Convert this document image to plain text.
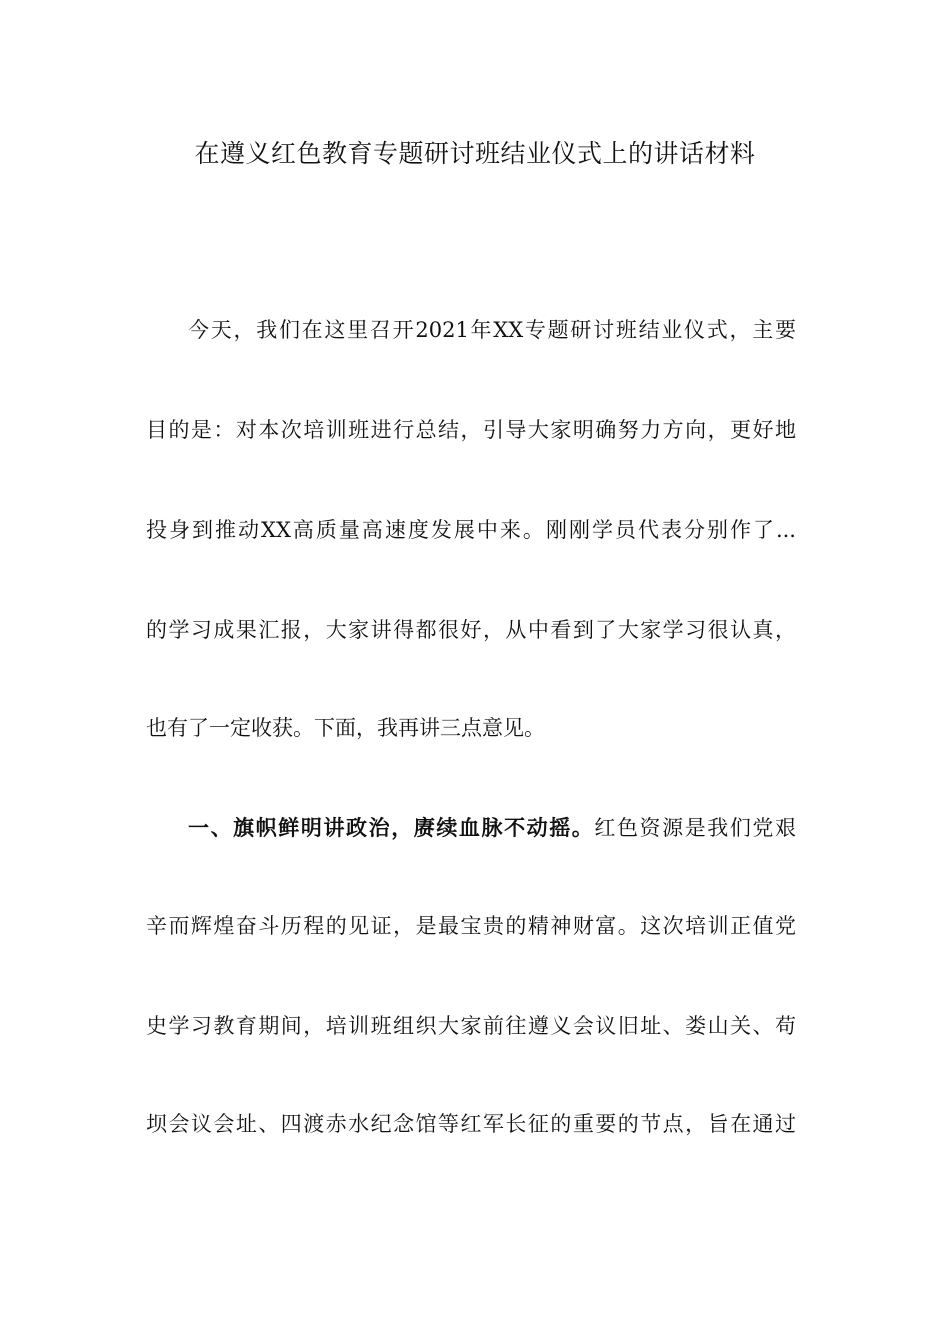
在遵义红色教育专题研讨班结业仪式上的讲话材料

今天，我们在这里召开2021年XX专题研讨班结业仪式，主要

目的是：对本次培训班进行总结，引导大家明确努力方向，更好地

投身到推动XX高质量高速度发展中来。刚刚学员代表分别作了...

的学习成果汇报，大家讲得都很好，从中看到了大家学习很认真，

也有了一定收获。下面，我再讲三点意见。

一、旗帜鲜明讲政治，赓续血脉不动摇。红色资源是我们党艰

辛而辉煌奋斗历程的见证，是最宝贵的精神财富。这次培训正值党

史学习教育期间，培训班组织大家前往遵义会议旧址、娄山关、苟

坝会议会址、四渡赤水纪念馆等红军长征的重要的节点，旨在通过
